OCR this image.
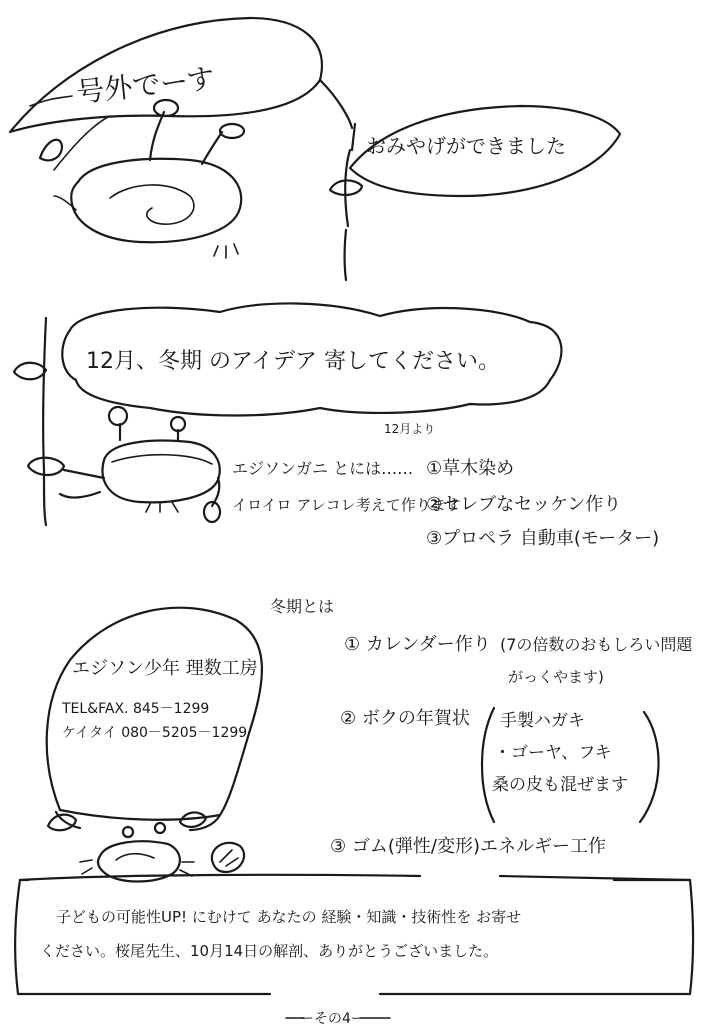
号外でーす
おみやげができました
12月、冬期 のアイデア 寄してください。
12月より
エジソンガニ とには……
イロイロ アレコレ考えて作ります
①草木染め
②セレブなセッケン作り
③プロペラ 自動車(モーター)
冬期とは
エジソン少年 理数工房
TEL&FAX. 845－1299
ケイタイ 080－5205－1299
① カレンダー作り (7の倍数のおもしろい問題
がっくやます)
② ボクの年賀状 手製ハガキ
・ゴーヤ、フキ
桑の皮も混ぜます
③ ゴム(弾性/変形)エネルギー工作
子どもの可能性UP! にむけて あなたの 経験・知識・技術性を お寄せ
ください。桜尾先生、10月14日の解剖、ありがとうございました。
ーその4ー
